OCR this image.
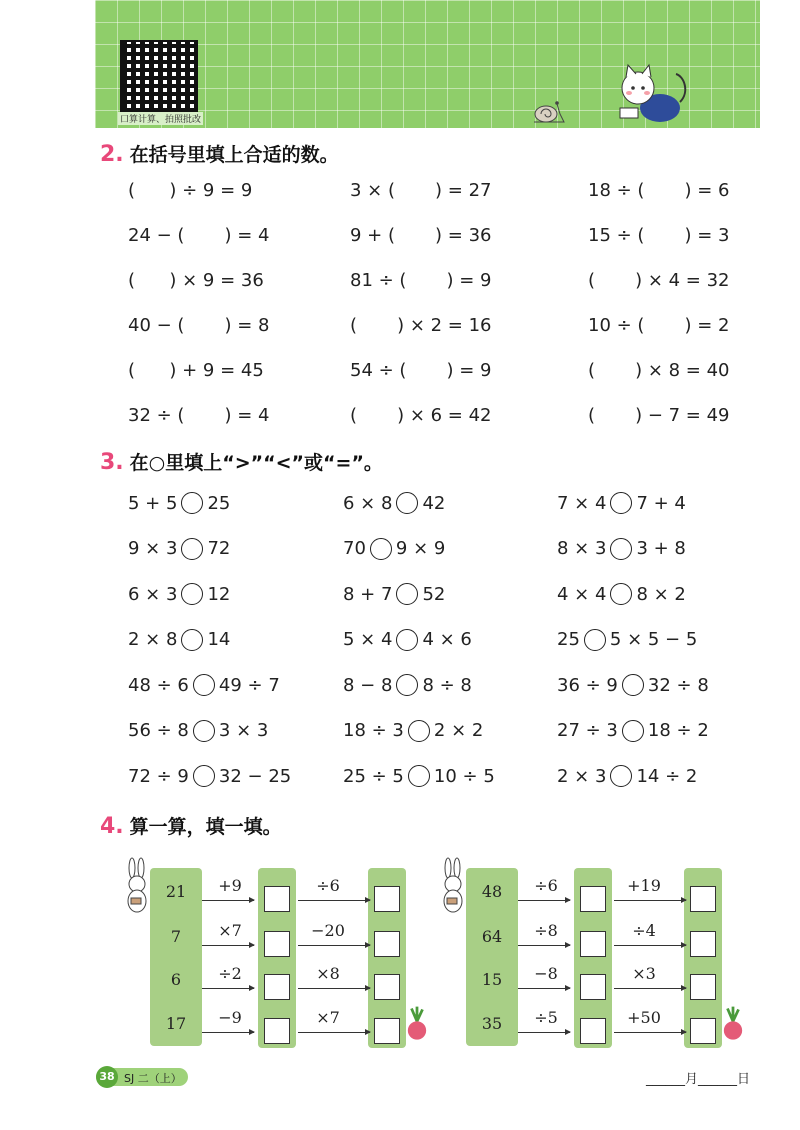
口算计算、拍照批改
2. 在括号里填上合适的数。
(      ) ÷ 9 = 9	3 × (       ) = 27	18 ÷ (       ) = 6
24 − (       ) = 4	9 + (       ) = 36	15 ÷ (       ) = 3
(      ) × 9 = 36	81 ÷ (       ) = 9	(       ) × 4 = 32
40 − (       ) = 8	(       ) × 2 = 16	10 ÷ (       ) = 2
(      ) + 9 = 45	54 ÷ (       ) = 9	(       ) × 8 = 40
32 ÷ (       ) = 4	(       ) × 6 = 42	(       ) − 7 = 49
3. 在○里填上“>”“<”或“=”。
5 + 5 25	6 × 8 42	7 × 4 7 + 4
9 × 3 72	70 9 × 9	8 × 3 3 + 8
6 × 3 12	8 + 7 52	4 × 4 8 × 2
2 × 8 14	5 × 4 4 × 6	25 5 × 5 − 5
48 ÷ 6 49 ÷ 7	8 − 8 8 ÷ 8	36 ÷ 9 32 ÷ 8
56 ÷ 8 3 × 3	18 ÷ 3 2 × 2	27 ÷ 3 18 ÷ 2
72 ÷ 9 32 − 25	25 ÷ 5 10 ÷ 5	2 × 3 14 ÷ 2
4. 算一算，填一填。
21	+9	÷6
7	×7	−20
6	÷2	×8
17	−9	×7
48	÷6	+19
64	÷8	÷4
15	−8	×3
35	÷5	+50
38 SJ 二（上）	______月______日
